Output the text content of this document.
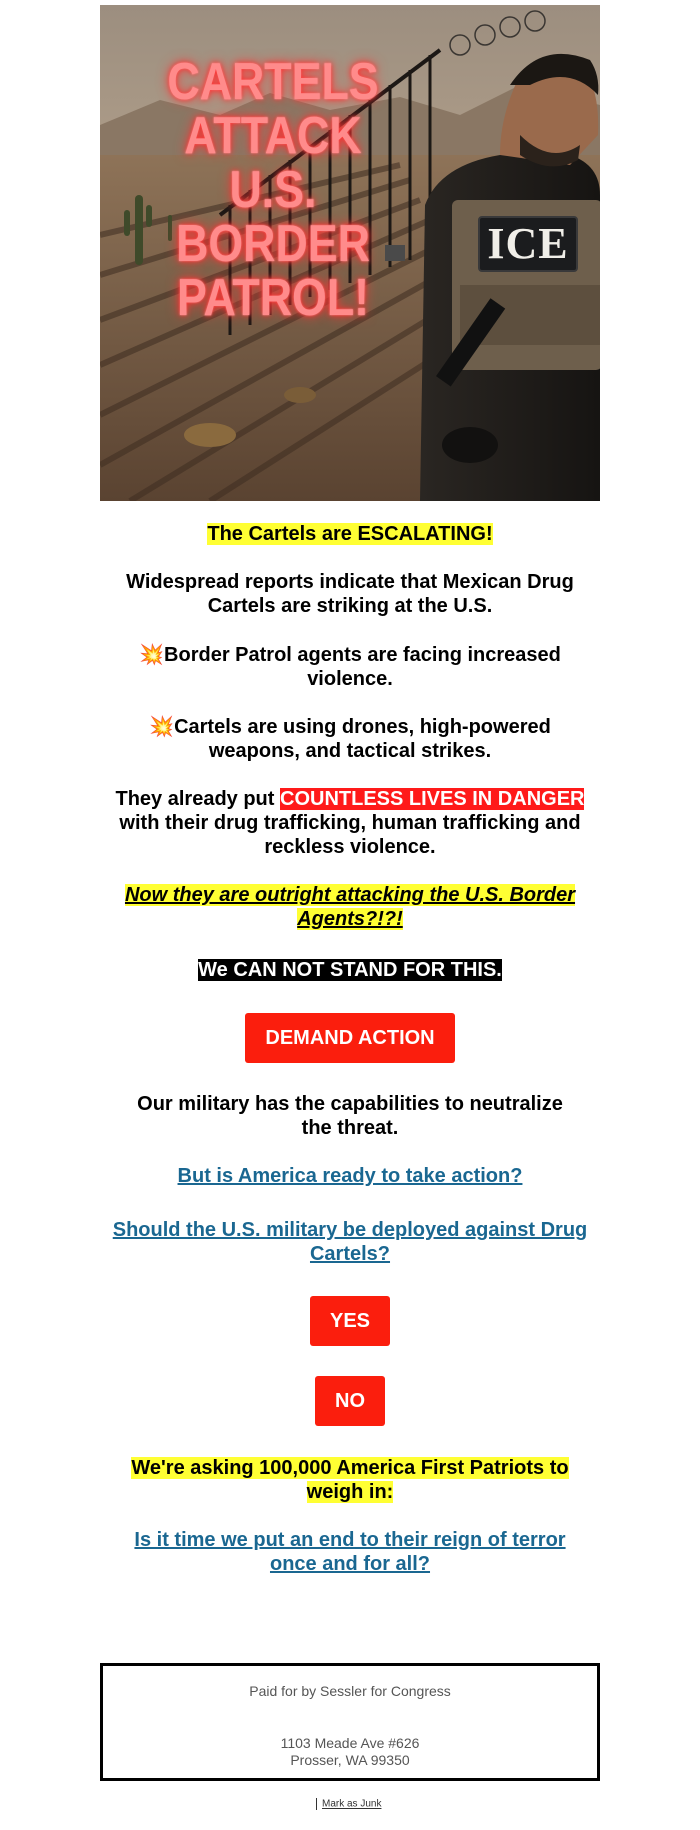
CARTELS ATTACK
U.S. BORDER
PATROL!
ICE
The Cartels are ESCALATING!
Widespread reports indicate that Mexican Drug Cartels are striking at the U.S.
💥Border Patrol agents are facing increased violence.
💥Cartels are using drones, high-powered weapons, and tactical strikes.
They already put COUNTLESS LIVES IN DANGER with their drug trafficking, human trafficking and reckless violence.
Now they are outright attacking the U.S. Border Agents?!?!
We CAN NOT STAND FOR THIS.
DEMAND ACTION
Our military has the capabilities to neutralize the threat.
But is America ready to take action?
Should the U.S. military be deployed against Drug Cartels?
YES
NO
We're asking 100,000 America First Patriots to weigh in:
Is it time we put an end to their reign of terror once and for all?
Paid for by Sessler for Congress
1103 Meade Ave #626
Prosser, WA 99350
Mark as Junk
